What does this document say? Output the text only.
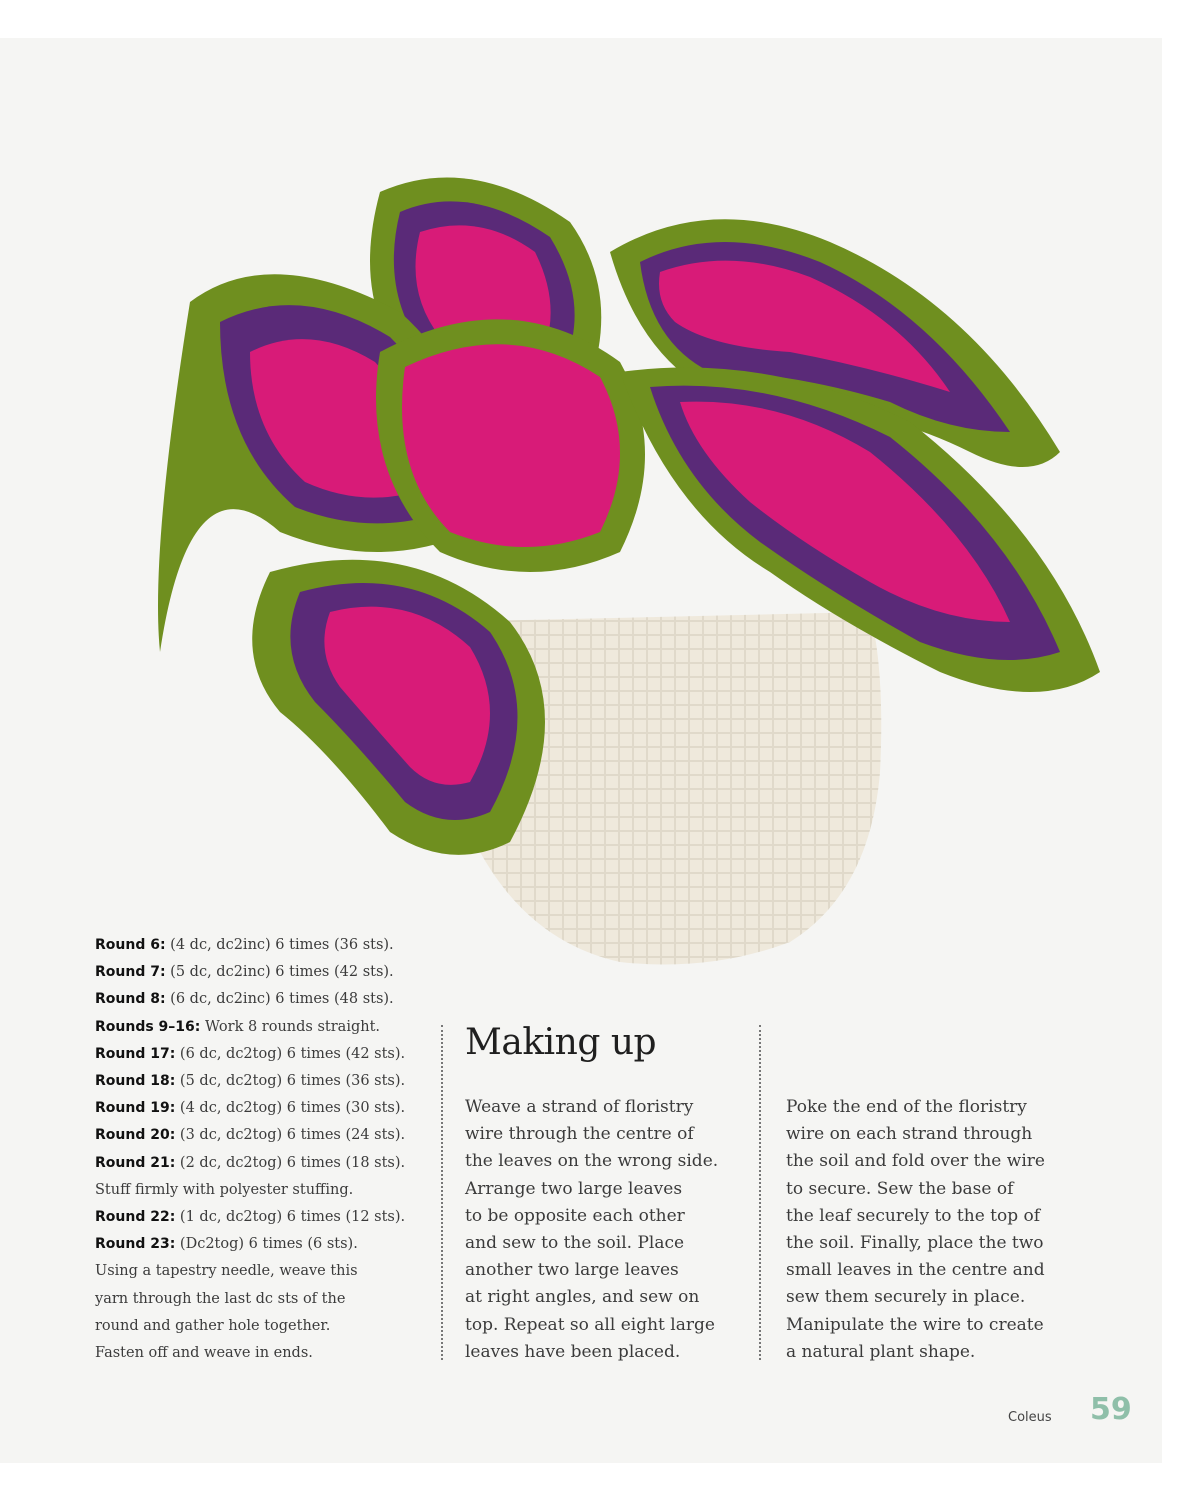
Round 6: (4 dc, dc2inc) 6 times (36 sts).
Round 7: (5 dc, dc2inc) 6 times (42 sts).
Round 8: (6 dc, dc2inc) 6 times (48 sts).
Rounds 9–16: Work 8 rounds straight.
Round 17: (6 dc, dc2tog) 6 times (42 sts).
Round 18: (5 dc, dc2tog) 6 times (36 sts).
Round 19: (4 dc, dc2tog) 6 times (30 sts).
Round 20: (3 dc, dc2tog) 6 times (24 sts).
Round 21: (2 dc, dc2tog) 6 times (18 sts).
Stuff firmly with polyester stuffing.
Round 22: (1 dc, dc2tog) 6 times (12 sts).
Round 23: (Dc2tog) 6 times (6 sts).
Using a tapestry needle, weave this
yarn through the last dc sts of the
round and gather hole together.
Fasten off and weave in ends.
Making up
Weave a strand of floristry
wire through the centre of
the leaves on the wrong side.
Arrange two large leaves
to be opposite each other
and sew to the soil. Place
another two large leaves
at right angles, and sew on
top. Repeat so all eight large
leaves have been placed.
Poke the end of the floristry
wire on each strand through
the soil and fold over the wire
to secure. Sew the base of
the leaf securely to the top of
the soil. Finally, place the two
small leaves in the centre and
sew them securely in place.
Manipulate the wire to create
a natural plant shape.
Coleus 59
